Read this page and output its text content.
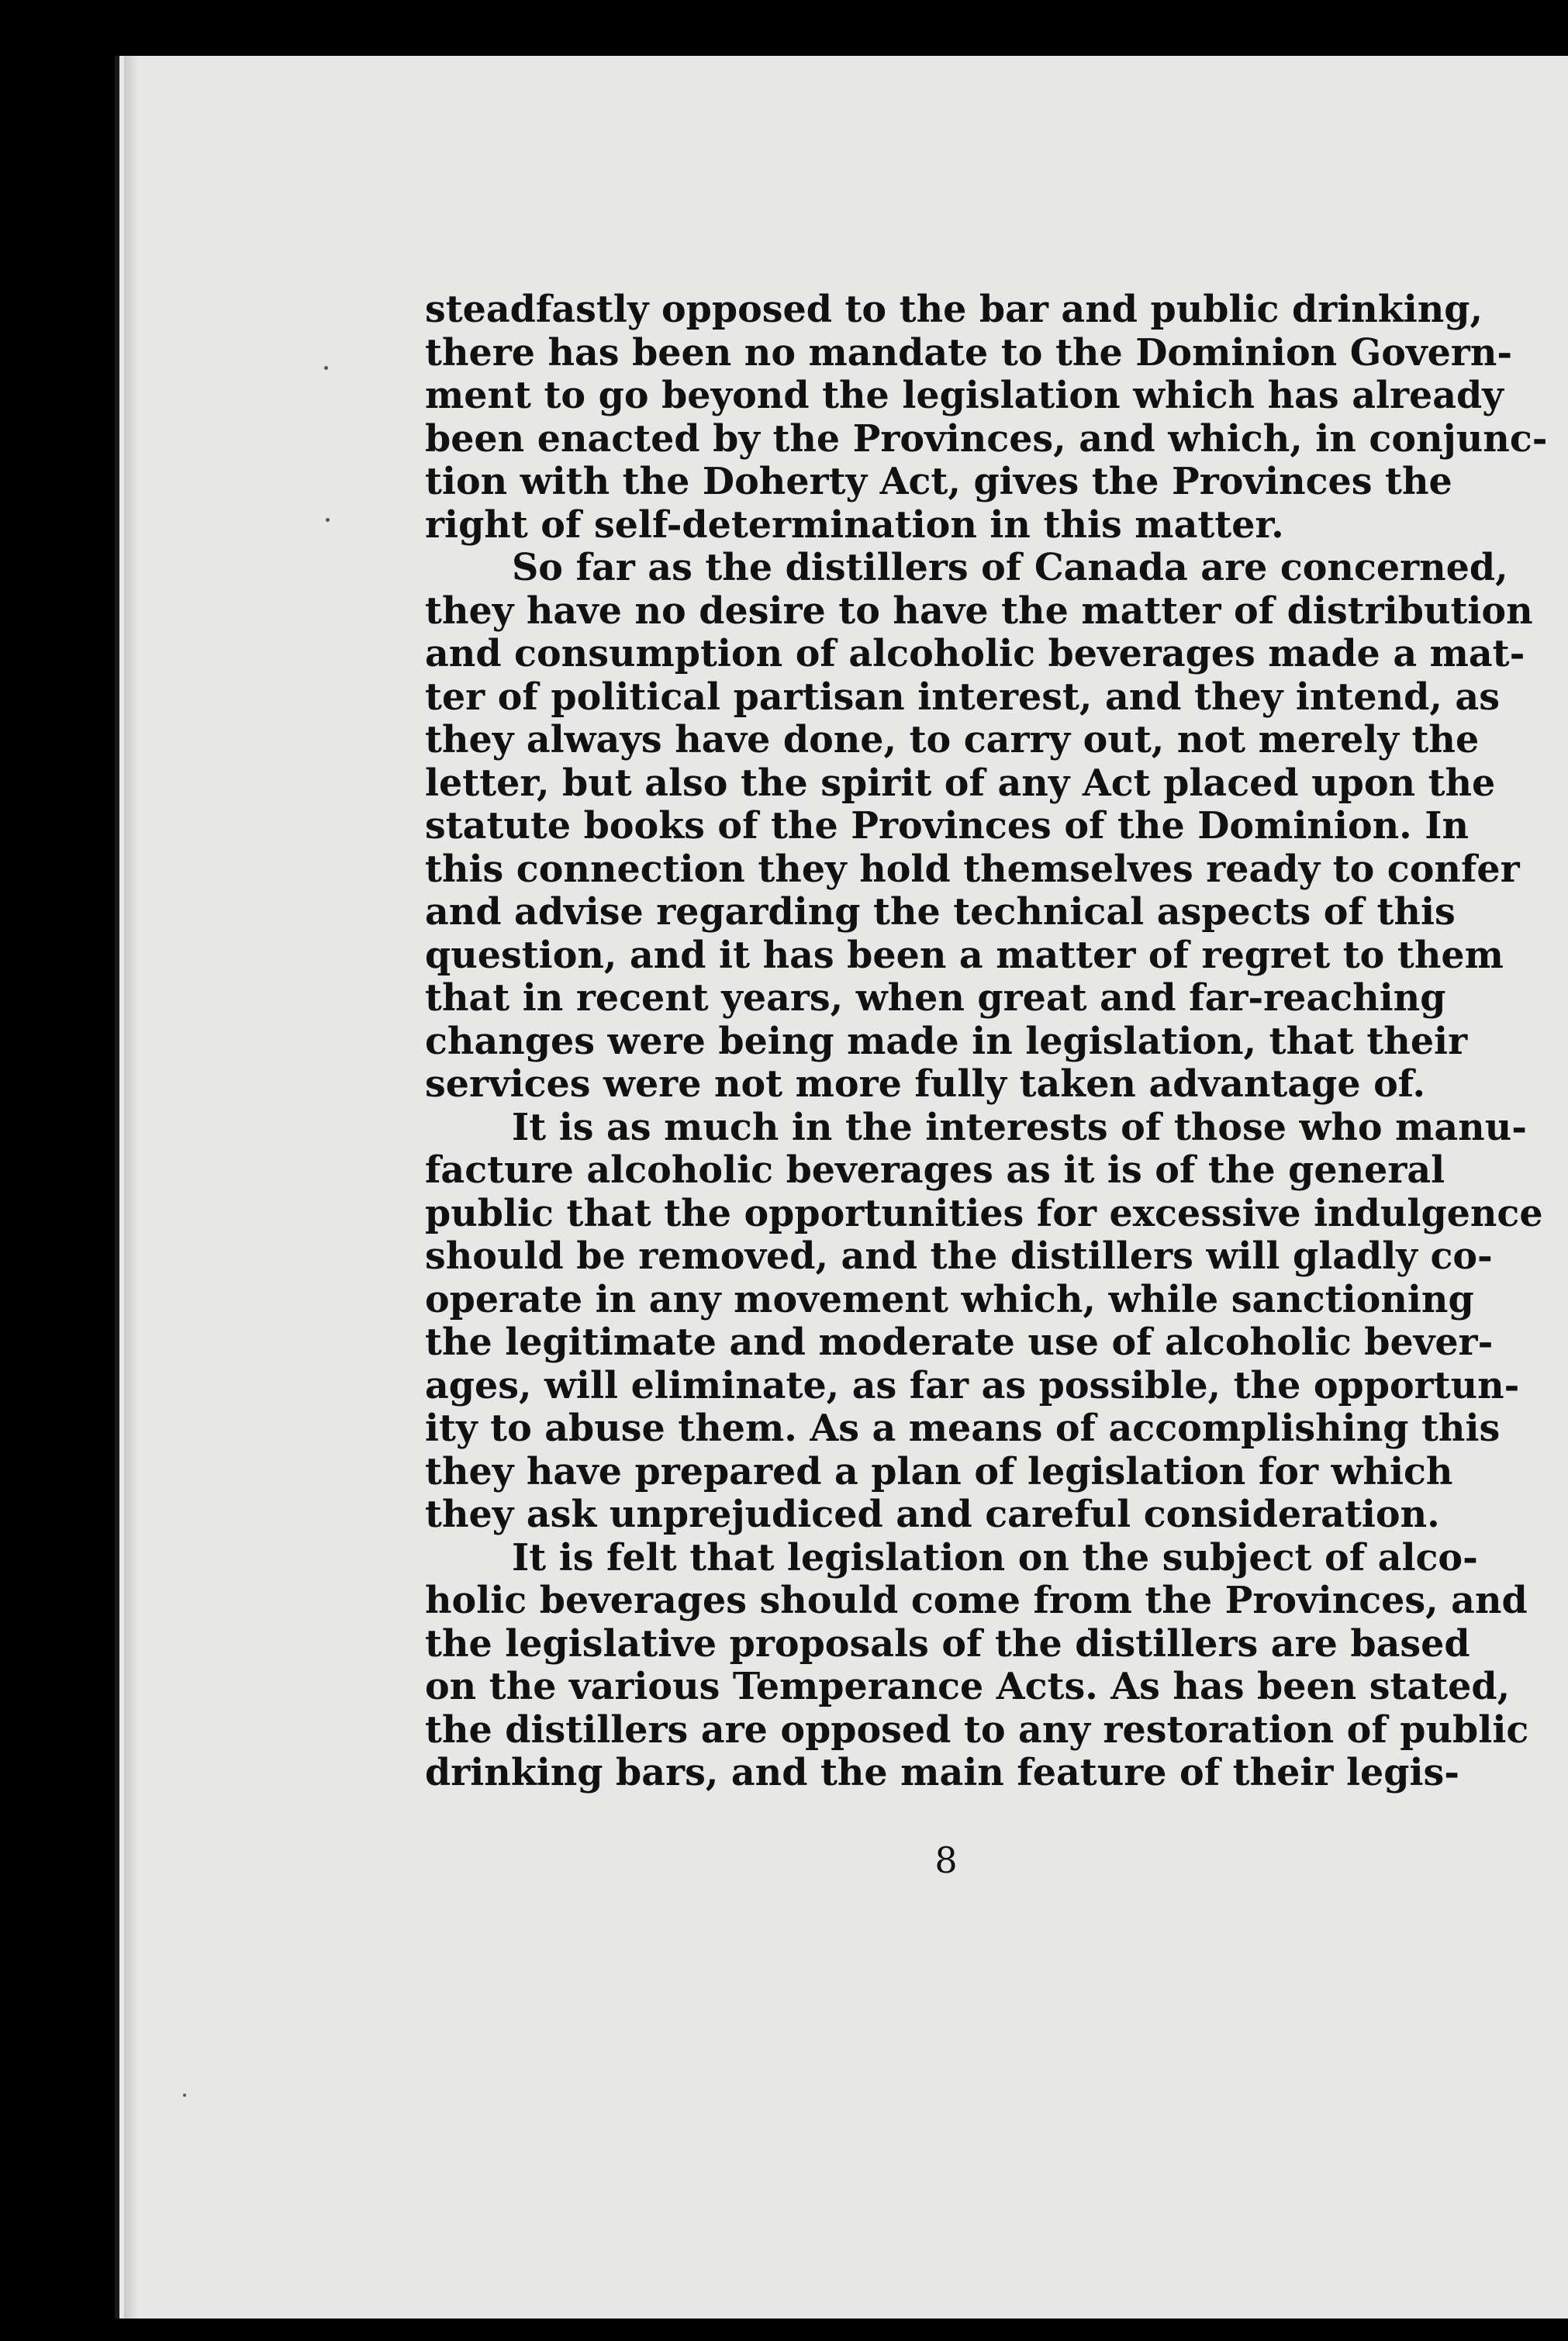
steadfastly opposed to the bar and public drinking,
there has been no mandate to the Dominion Govern-
ment to go beyond the legislation which has already
been enacted by the Provinces, and which, in conjunc-
tion with the Doherty Act, gives the Provinces the
right of self-determination in this matter.
So far as the distillers of Canada are concerned,
they have no desire to have the matter of distribution
and consumption of alcoholic beverages made a mat-
ter of political partisan interest, and they intend, as
they always have done, to carry out, not merely the
letter, but also the spirit of any Act placed upon the
statute books of the Provinces of the Dominion. In
this connection they hold themselves ready to confer
and advise regarding the technical aspects of this
question, and it has been a matter of regret to them
that in recent years, when great and far-reaching
changes were being made in legislation, that their
services were not more fully taken advantage of.
It is as much in the interests of those who manu-
facture alcoholic beverages as it is of the general
public that the opportunities for excessive indulgence
should be removed, and the distillers will gladly co-
operate in any movement which, while sanctioning
the legitimate and moderate use of alcoholic bever-
ages, will eliminate, as far as possible, the opportun-
ity to abuse them. As a means of accomplishing this
they have prepared a plan of legislation for which
they ask unprejudiced and careful consideration.
It is felt that legislation on the subject of alco-
holic beverages should come from the Provinces, and
the legislative proposals of the distillers are based
on the various Temperance Acts. As has been stated,
the distillers are opposed to any restoration of public
drinking bars, and the main feature of their legis-
8
